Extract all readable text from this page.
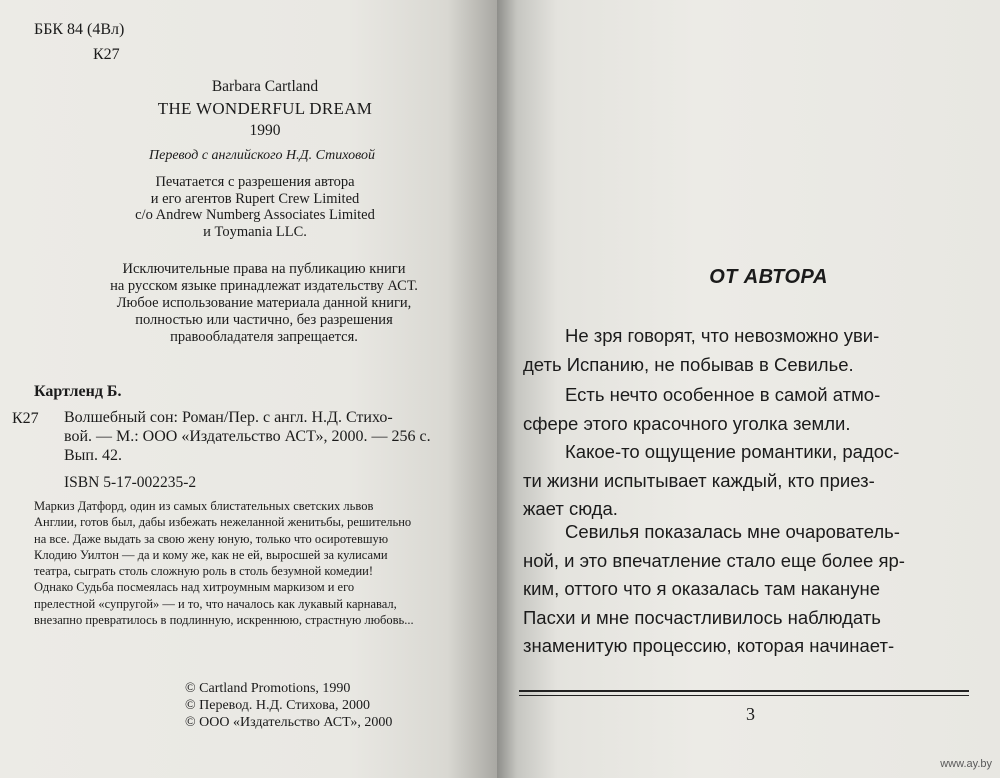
ББК 84 (4Вл)
К27
Barbara Cartland
THE WONDERFUL DREAM
1990
Перевод с английского Н.Д. Стиховой
Печатается с разрешения автора
и его агентов Rupert Crew Limited
c/o Andrew Numberg Associates Limited
и Toymania LLC.
Исключительные права на публикацию книги
на русском языке принадлежат издательству АСТ.
Любое использование материала данной книги,
полностью или частично, без разрешения
правообладателя запрещается.
Картленд Б.
К27 Волшебный сон: Роман/Пер. с англ. Н.Д. Стихо-
вой. — М.: ООО «Издательство АСТ», 2000. — 256 с.
Вып. 42.
ISBN 5-17-002235-2
Маркиз Датфорд, один из самых блистательных светских львов
Англии, готов был, дабы избежать нежеланной женитьбы, решительно
на все. Даже выдать за свою жену юную, только что осиротевшую
Клодию Уилтон — да и кому же, как не ей, выросшей за кулисами
театра, сыграть столь сложную роль в столь безумной комедии!
Однако Судьба посмеялась над хитроумным маркизом и его
прелестной «супругой» — и то, что началось как лукавый карнавал,
внезапно превратилось в подлинную, искреннюю, страстную любовь...
© Cartland Promotions, 1990
© Перевод. Н.Д. Стихова, 2000
© ООО «Издательство АСТ», 2000
ОТ АВТОРА
Не зря говорят, что невозможно уви-
деть Испанию, не побывав в Севилье.
Есть нечто особенное в самой атмо-
сфере этого красочного уголка земли.
Какое-то ощущение романтики, радос-
ти жизни испытывает каждый, кто приез-
жает сюда.
Севилья показалась мне очарователь-
ной, и это впечатление стало еще более яр-
ким, оттого что я оказалась там накануне
Пасхи и мне посчастливилось наблюдать
знаменитую процессию, которая начинает-
3
www.ay.by
